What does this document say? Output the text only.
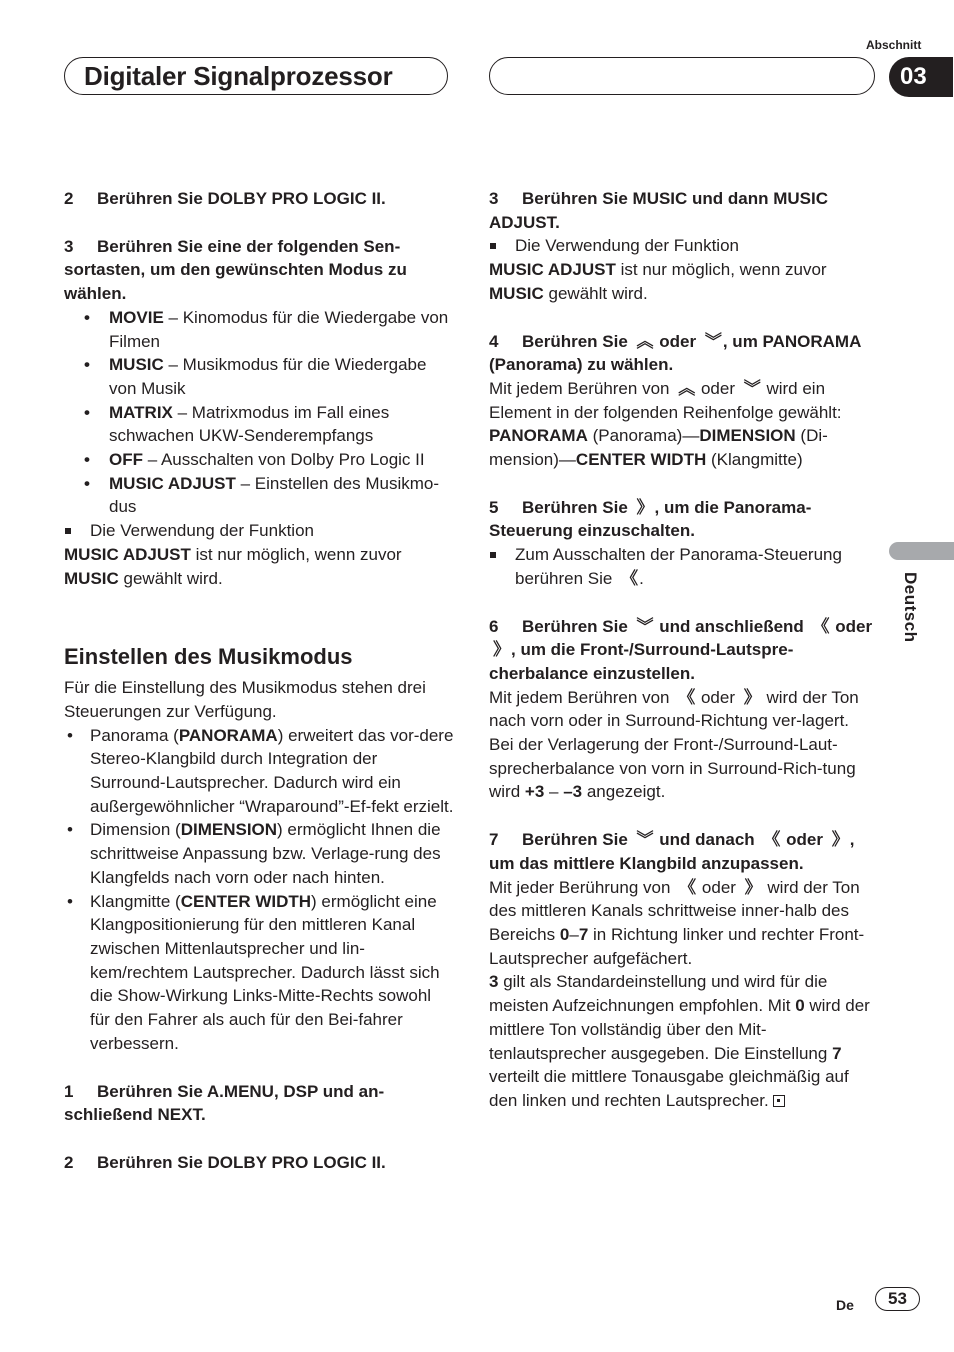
Digitaler Signalprozessor
Abschnitt
03
Deutsch

2 Berühren Sie DOLBY PRO LOGIC II.

3 Berühren Sie eine der folgenden Sen-sortasten, um den gewünschten Modus zu wählen.

• MOVIE – Kinomodus für die Wiedergabe von Filmen
• MUSIC – Musikmodus für die Wiedergabe von Musik
• MATRIX – Matrixmodus im Fall eines schwachen UKW-Senderempfangs
• OFF – Ausschalten von Dolby Pro Logic II
• MUSIC ADJUST – Einstellen des Musikmo-dus

Die Verwendung der Funktion

MUSIC ADJUST ist nur möglich, wenn zuvor
MUSIC gewählt wird.

Einstellen des Musikmodus

Für die Einstellung des Musikmodus stehen drei Steuerungen zur Verfügung.

• Panorama (PANORAMA) erweitert das vor-dere Stereo-Klangbild durch Integration der Surround-Lautsprecher. Dadurch wird ein außergewöhnlicher “Wraparound”-Ef-fekt erzielt.
• Dimension (DIMENSION) ermöglicht Ihnen die schrittweise Anpassung bzw. Verlage-rung des Klangfelds nach vorn oder nach hinten.
• Klangmitte (CENTER WIDTH) ermöglicht eine Klangpositionierung für den mittleren Kanal zwischen Mittenlautsprecher und lin-kem/rechtem Lautsprecher. Dadurch lässt sich die Show-Wirkung Links-Mitte-Rechts sowohl für den Fahrer als auch für den Bei-fahrer verbessern.

1 Berühren Sie A.MENU, DSP und an-schließend NEXT.

2 Berühren Sie DOLBY PRO LOGIC II.

3 Berühren Sie MUSIC und dann MUSIC ADJUST.

Die Verwendung der Funktion

MUSIC ADJUST ist nur möglich, wenn zuvor
MUSIC gewählt wird.

4 Berühren Sie ︽ oder ︾ , um PANORAMA (Panorama) zu wählen.

Mit jedem Berühren von ︽ oder ︾ wird ein Element in der folgenden Reihenfolge gewählt:

PANORAMA (Panorama)—DIMENSION (Di-mension)—CENTER WIDTH (Klangmitte)

5 Berühren Sie 》 , um die Panorama-Steuerung einzuschalten.

Zum Ausschalten der Panorama-Steuerung berühren Sie 《 .

6 Berühren Sie ︾ und anschließend 《 oder 》 , um die Front-/Surround-Lautspre-cherbalance einzustellen.

Mit jedem Berühren von 《 oder 》 wird der Ton nach vorn oder in Surround-Richtung ver-lagert.

Bei der Verlagerung der Front-/Surround-Laut-sprecherbalance von vorn in Surround-Rich-tung wird +3 – –3 angezeigt.

7 Berühren Sie ︾ und danach 《 oder 》 , um das mittlere Klangbild anzupassen.

Mit jeder Berührung von 《 oder 》 wird der Ton des mittleren Kanals schrittweise inner-halb des Bereichs 0–7 in Richtung linker und rechter Front-Lautsprecher aufgefächert.

3 gilt als Standardeinstellung und wird für die meisten Aufzeichnungen empfohlen. Mit 0 wird der mittlere Ton vollständig über den Mit-tenlautsprecher ausgegeben. Die Einstellung 7 verteilt die mittlere Tonausgabe gleichmäßig auf den linken und rechten Lautsprecher.

De	53
